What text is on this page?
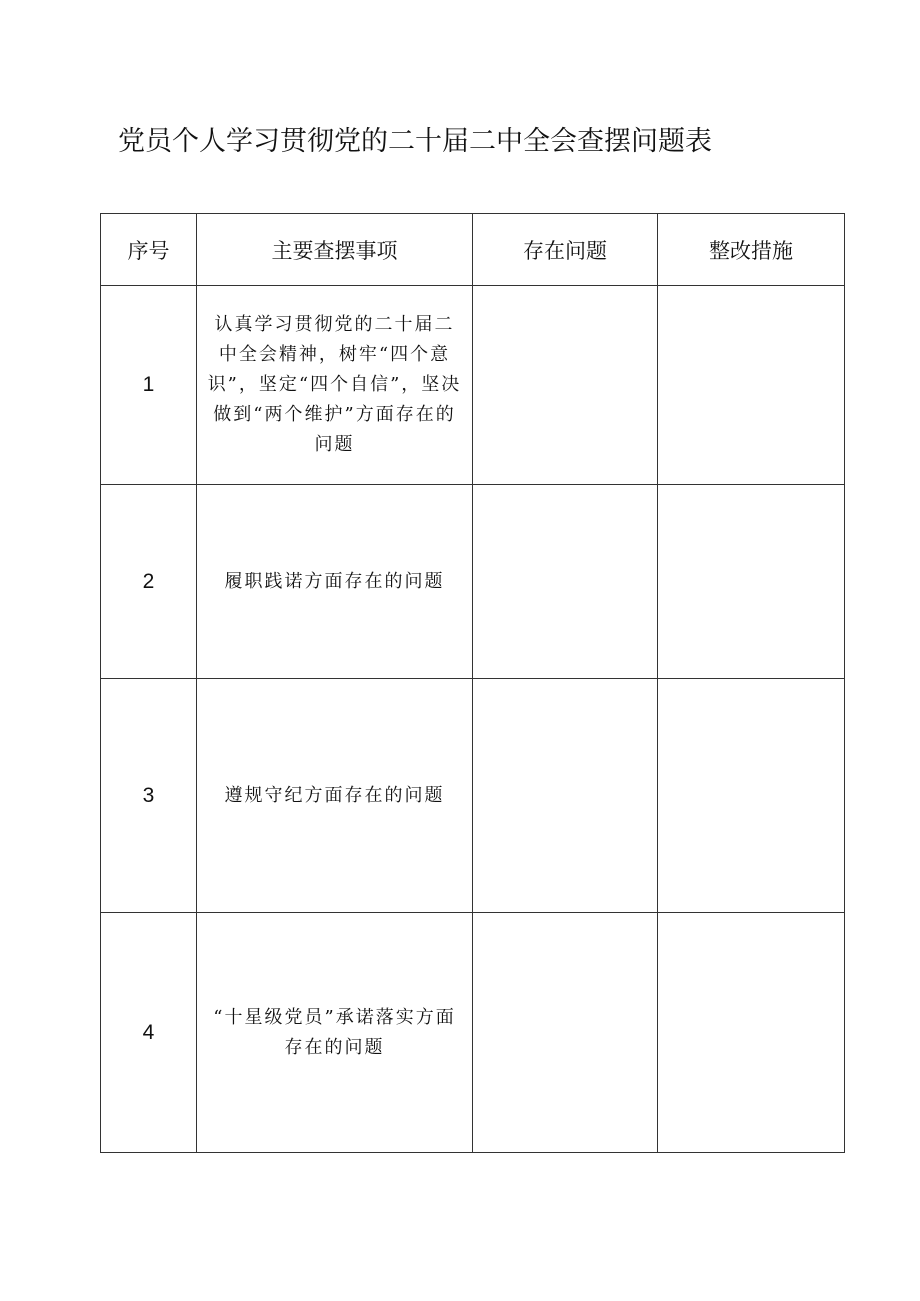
党员个人学习贯彻党的二十届二中全会查摆问题表
序号	主要查摆事项	存在问题	整改措施
1	认真学习贯彻党的二十届二中全会精神，树牢“四个意识”，坚定“四个自信”，坚决做到“两个维护”方面存在的问题		
2	履职践诺方面存在的问题		
3	遵规守纪方面存在的问题		
4	“十星级党员”承诺落实方面存在的问题		
